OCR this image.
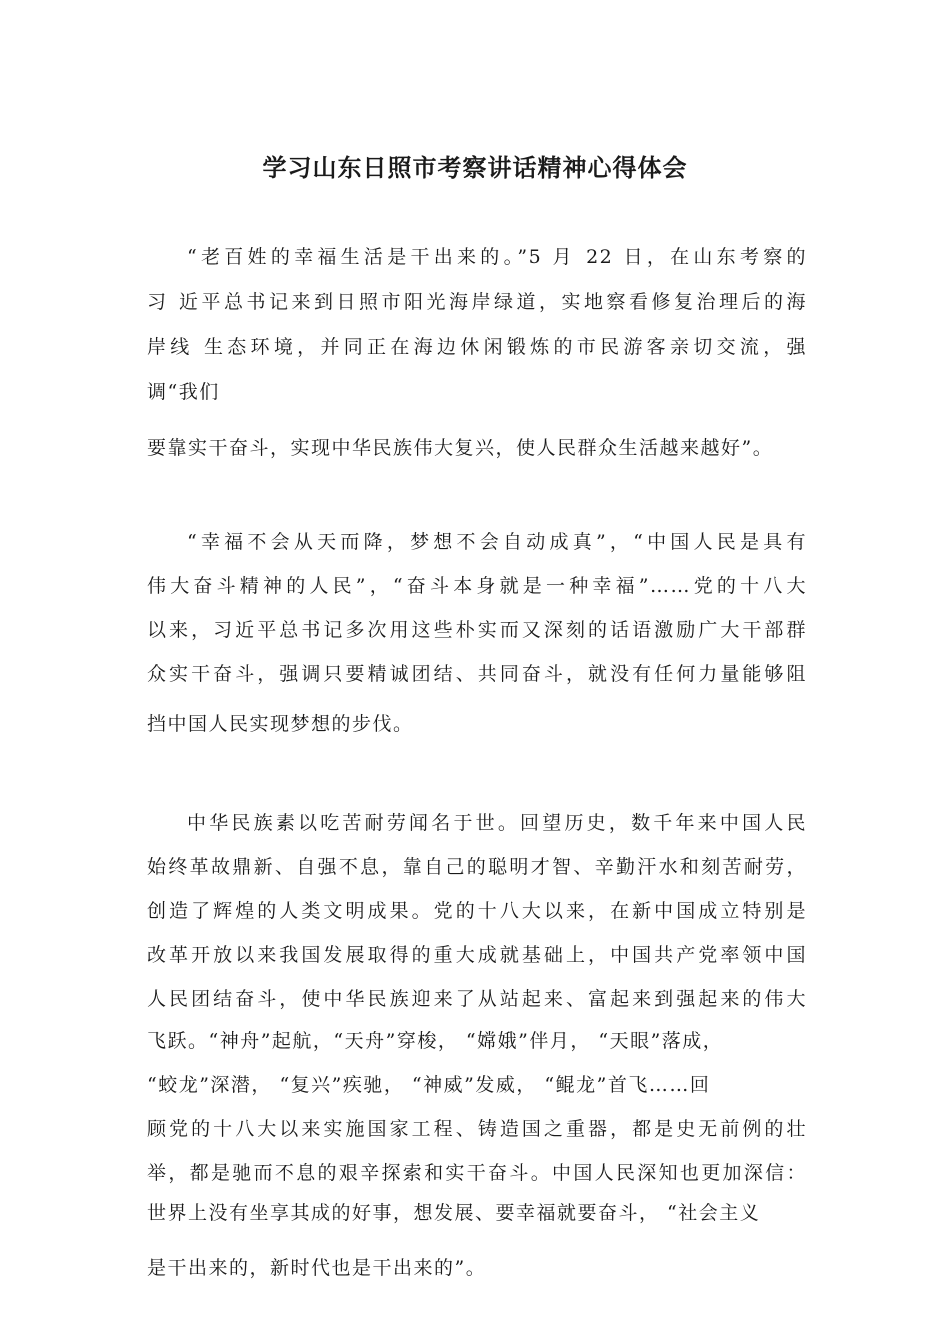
学习山东日照市考察讲话精神心得体会

“老百姓的幸福生活是干出来的。”5 月 22 日，在山东考察的

习 近平总书记来到日照市阳光海岸绿道，实地察看修复治理后的海

岸线 生态环境，并同正在海边休闲锻炼的市民游客亲切交流，强

调“我们

要靠实干奋斗，实现中华民族伟大复兴，使人民群众生活越来越好”。

“幸福不会从天而降，梦想不会自动成真”，“中国人民是具有

伟大奋斗精神的人民”，“奋斗本身就是一种幸福”……党的十八大

以来，习近平总书记多次用这些朴实而又深刻的话语激励广大干部群

众实干奋斗，强调只要精诚团结、共同奋斗，就没有任何力量能够阻

挡中国人民实现梦想的步伐。

中华民族素以吃苦耐劳闻名于世。回望历史，数千年来中国人民

始终革故鼎新、自强不息，靠自己的聪明才智、辛勤汗水和刻苦耐劳，

创造了辉煌的人类文明成果。党的十八大以来，在新中国成立特别是

改革开放以来我国发展取得的重大成就基础上，中国共产党率领中国

人民团结奋斗，使中华民族迎来了从站起来、富起来到强起来的伟大

飞跃。“神舟”起航，“天舟”穿梭， “嫦娥”伴月， “天眼”落成，

“蛟龙”深潜， “复兴”疾驰， “神威”发威， “鲲龙”首飞……回

顾党的十八大以来实施国家工程、铸造国之重器，都是史无前例的壮

举，都是驰而不息的艰辛探索和实干奋斗。中国人民深知也更加深信：

世界上没有坐享其成的好事，想发展、要幸福就要奋斗， “社会主义

是干出来的，新时代也是干出来的”。
